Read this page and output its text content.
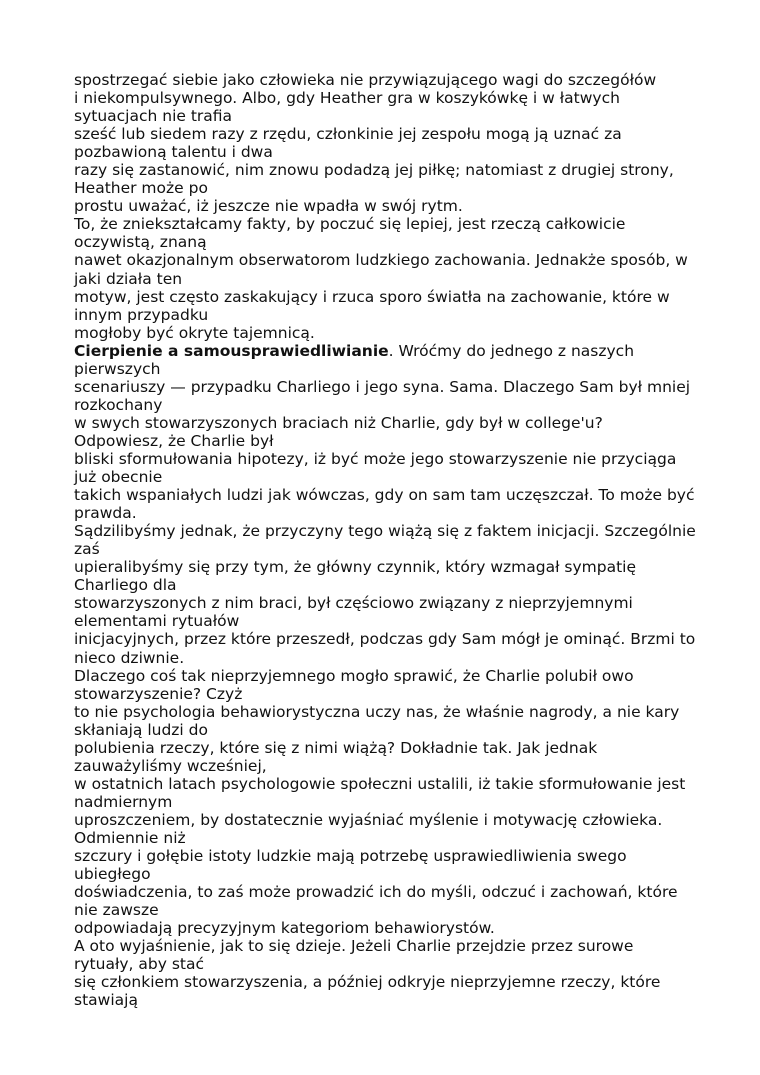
spostrzegać siebie jako człowieka nie przywiązującego wagi do szczegółów
i niekompulsywnego. Albo, gdy Heather gra w koszykówkę i w łatwych
sytuacjach nie trafia
sześć lub siedem razy z rzędu, członkinie jej zespołu mogą ją uznać za
pozbawioną talentu i dwa
razy się zastanowić, nim znowu podadzą jej piłkę; natomiast z drugiej strony,
Heather może po
prostu uważać, iż jeszcze nie wpadła w swój rytm.
To, że zniekształcamy fakty, by poczuć się lepiej, jest rzeczą całkowicie
oczywistą, znaną
nawet okazjonalnym obserwatorom ludzkiego zachowania. Jednakże sposób, w
jaki działa ten
motyw, jest często zaskakujący i rzuca sporo światła na zachowanie, które w
innym przypadku
mogłoby być okryte tajemnicą.
Cierpienie a samousprawiedliwianie. Wróćmy do jednego z naszych
pierwszych
scenariuszy — przypadku Charliego i jego syna. Sama. Dlaczego Sam był mniej
rozkochany
w swych stowarzyszonych braciach niż Charlie, gdy był w college'u?
Odpowiesz, że Charlie był
bliski sformułowania hipotezy, iż być może jego stowarzyszenie nie przyciąga
już obecnie
takich wspaniałych ludzi jak wówczas, gdy on sam tam uczęszczał. To może być
prawda.
Sądzilibyśmy jednak, że przyczyny tego wiążą się z faktem inicjacji. Szczególnie
zaś
upieralibyśmy się przy tym, że główny czynnik, który wzmagał sympatię
Charliego dla
stowarzyszonych z nim braci, był częściowo związany z nieprzyjemnymi
elementami rytuałów
inicjacyjnych, przez które przeszedł, podczas gdy Sam mógł je ominąć. Brzmi to
nieco dziwnie.
Dlaczego coś tak nieprzyjemnego mogło sprawić, że Charlie polubił owo
stowarzyszenie? Czyż
to nie psychologia behawiorystyczna uczy nas, że właśnie nagrody, a nie kary
skłaniają ludzi do
polubienia rzeczy, które się z nimi wiążą? Dokładnie tak. Jak jednak
zauważyliśmy wcześniej,
w ostatnich latach psychologowie społeczni ustalili, iż takie sformułowanie jest
nadmiernym
uproszczeniem, by dostatecznie wyjaśniać myślenie i motywację człowieka.
Odmiennie niż
szczury i gołębie istoty ludzkie mają potrzebę usprawiedliwienia swego
ubiegłego
doświadczenia, to zaś może prowadzić ich do myśli, odczuć i zachowań, które
nie zawsze
odpowiadają precyzyjnym kategoriom behawiorystów.
A oto wyjaśnienie, jak to się dzieje. Jeżeli Charlie przejdzie przez surowe
rytuały, aby stać
się członkiem stowarzyszenia, a później odkryje nieprzyjemne rzeczy, które
stawiają
